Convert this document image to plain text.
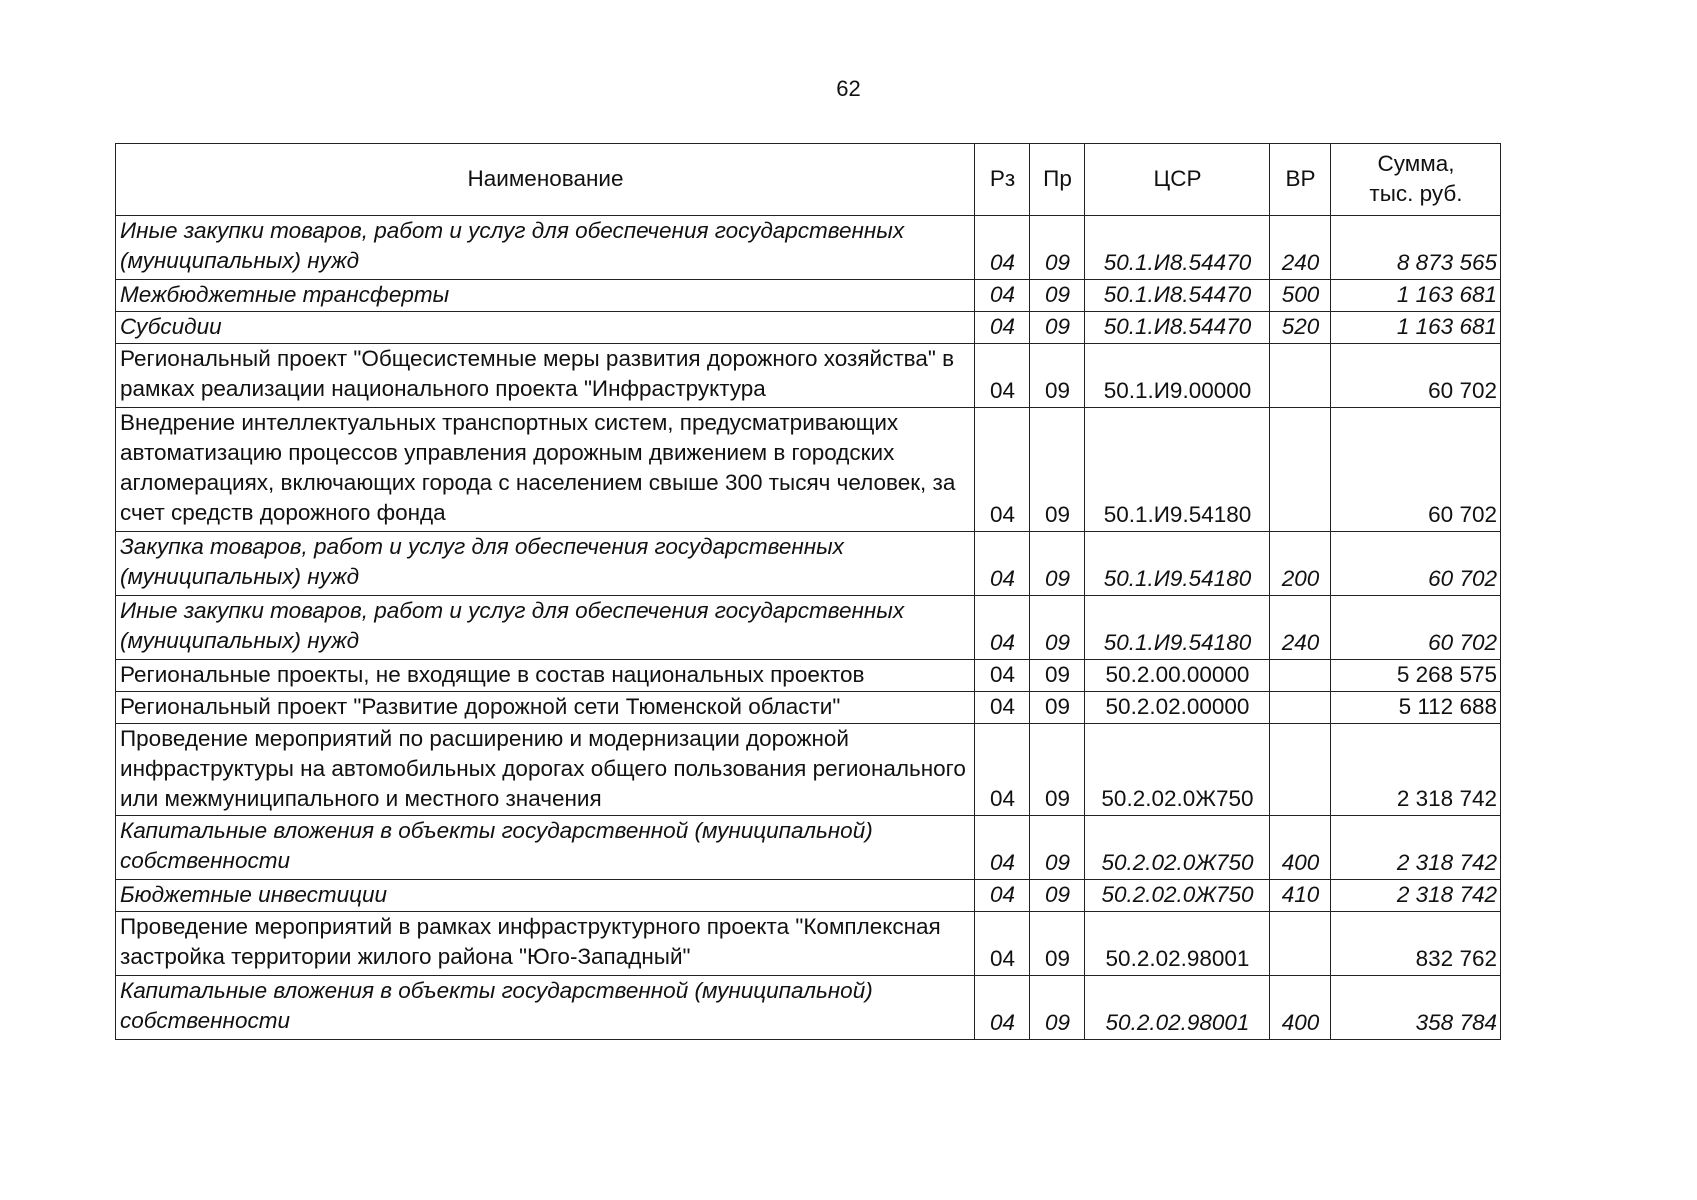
62
Наименование	Рз	Пр	ЦСР	ВР	Сумма,
тыс. руб.
Иные закупки товаров, работ и услуг для обеспечения государственных (муниципальных) нужд	04	09	50.1.И8.54470	240	8 873 565
Межбюджетные трансферты	04	09	50.1.И8.54470	500	1 163 681
Субсидии	04	09	50.1.И8.54470	520	1 163 681
Региональный проект "Общесистемные меры развития дорожного хозяйства" в рамках реализации национального проекта "Инфраструктура	04	09	50.1.И9.00000		60 702
Внедрение интеллектуальных транспортных систем, предусматривающих автоматизацию процессов управления дорожным движением в городских агломерациях, включающих города с населением свыше 300 тысяч человек, за счет средств дорожного фонда	04	09	50.1.И9.54180		60 702
Закупка товаров, работ и услуг для обеспечения государственных (муниципальных) нужд	04	09	50.1.И9.54180	200	60 702
Иные закупки товаров, работ и услуг для обеспечения государственных (муниципальных) нужд	04	09	50.1.И9.54180	240	60 702
Региональные проекты, не входящие в состав национальных проектов	04	09	50.2.00.00000		5 268 575
Региональный проект "Развитие дорожной сети Тюменской области"	04	09	50.2.02.00000		5 112 688
Проведение мероприятий по расширению и модернизации дорожной инфраструктуры на автомобильных дорогах общего пользования регионального или межмуниципального и местного значения	04	09	50.2.02.0Ж750		2 318 742
Капитальные вложения в объекты государственной (муниципальной) собственности	04	09	50.2.02.0Ж750	400	2 318 742
Бюджетные инвестиции	04	09	50.2.02.0Ж750	410	2 318 742
Проведение мероприятий в рамках инфраструктурного проекта "Комплексная застройка территории жилого района "Юго-Западный"	04	09	50.2.02.98001		832 762
Капитальные вложения в объекты государственной (муниципальной) собственности	04	09	50.2.02.98001	400	358 784
